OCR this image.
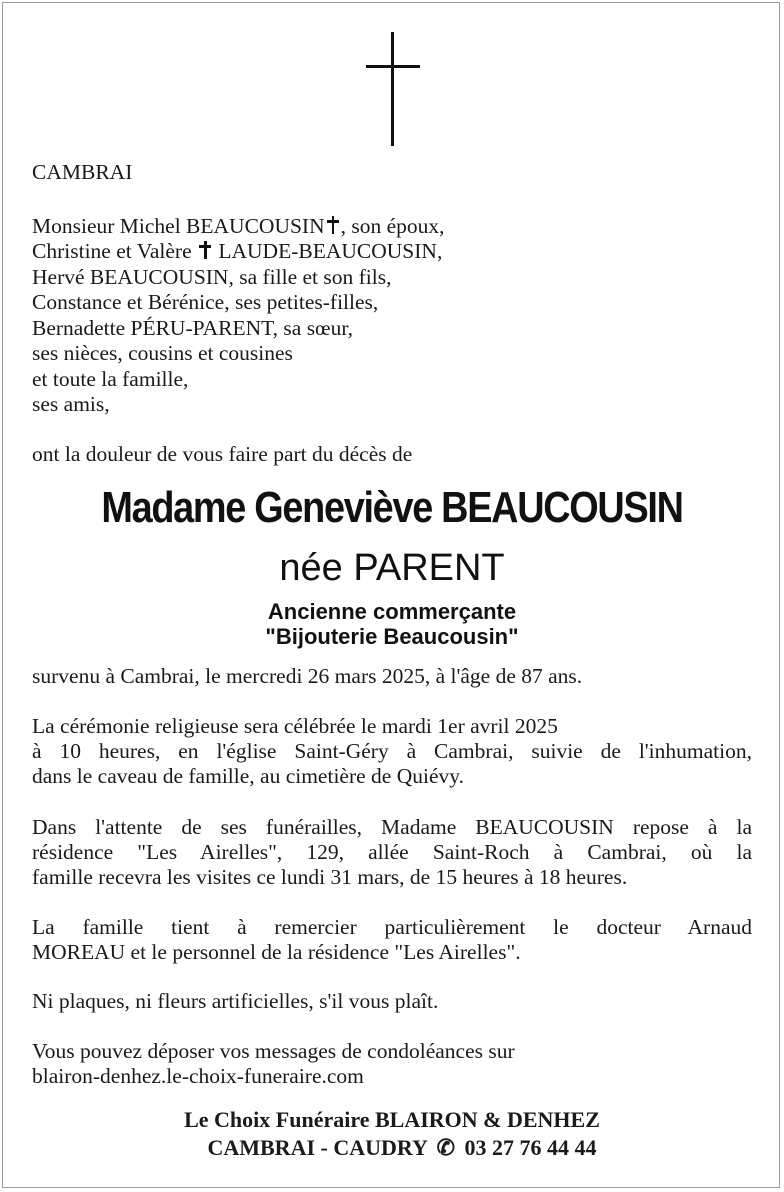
CAMBRAI
Monsieur Michel BEAUCOUSIN , son époux,
Christine et Valère LAUDE-BEAUCOUSIN,
Hervé BEAUCOUSIN, sa fille et son fils,
Constance et Bérénice, ses petites-filles,
Bernadette PÉRU-PARENT, sa sœur,
ses nièces, cousins et cousines
et toute la famille,
ses amis,
ont la douleur de vous faire part du décès de
Madame Geneviève BEAUCOUSIN
née PARENT
Ancienne commerçante
"Bijouterie Beaucousin"
survenu à Cambrai, le mercredi 26 mars 2025, à l'âge de 87 ans.
La cérémonie religieuse sera célébrée le mardi 1er avril 2025
à 10 heures, en l'église Saint-Géry à Cambrai, suivie de l'inhumation,
dans le caveau de famille, au cimetière de Quiévy.
Dans l'attente de ses funérailles, Madame BEAUCOUSIN repose à la
résidence "Les Airelles", 129, allée Saint-Roch à Cambrai, où la
famille recevra les visites ce lundi 31 mars, de 15 heures à 18 heures.
La famille tient à remercier particulièrement le docteur Arnaud
MOREAU et le personnel de la résidence "Les Airelles".
Ni plaques, ni fleurs artificielles, s'il vous plaît.
Vous pouvez déposer vos messages de condoléances sur
blairon-denhez.le-choix-funeraire.com
Le Choix Funéraire BLAIRON & DENHEZ
CAMBRAI - CAUDRY ✆ 03 27 76 44 44
